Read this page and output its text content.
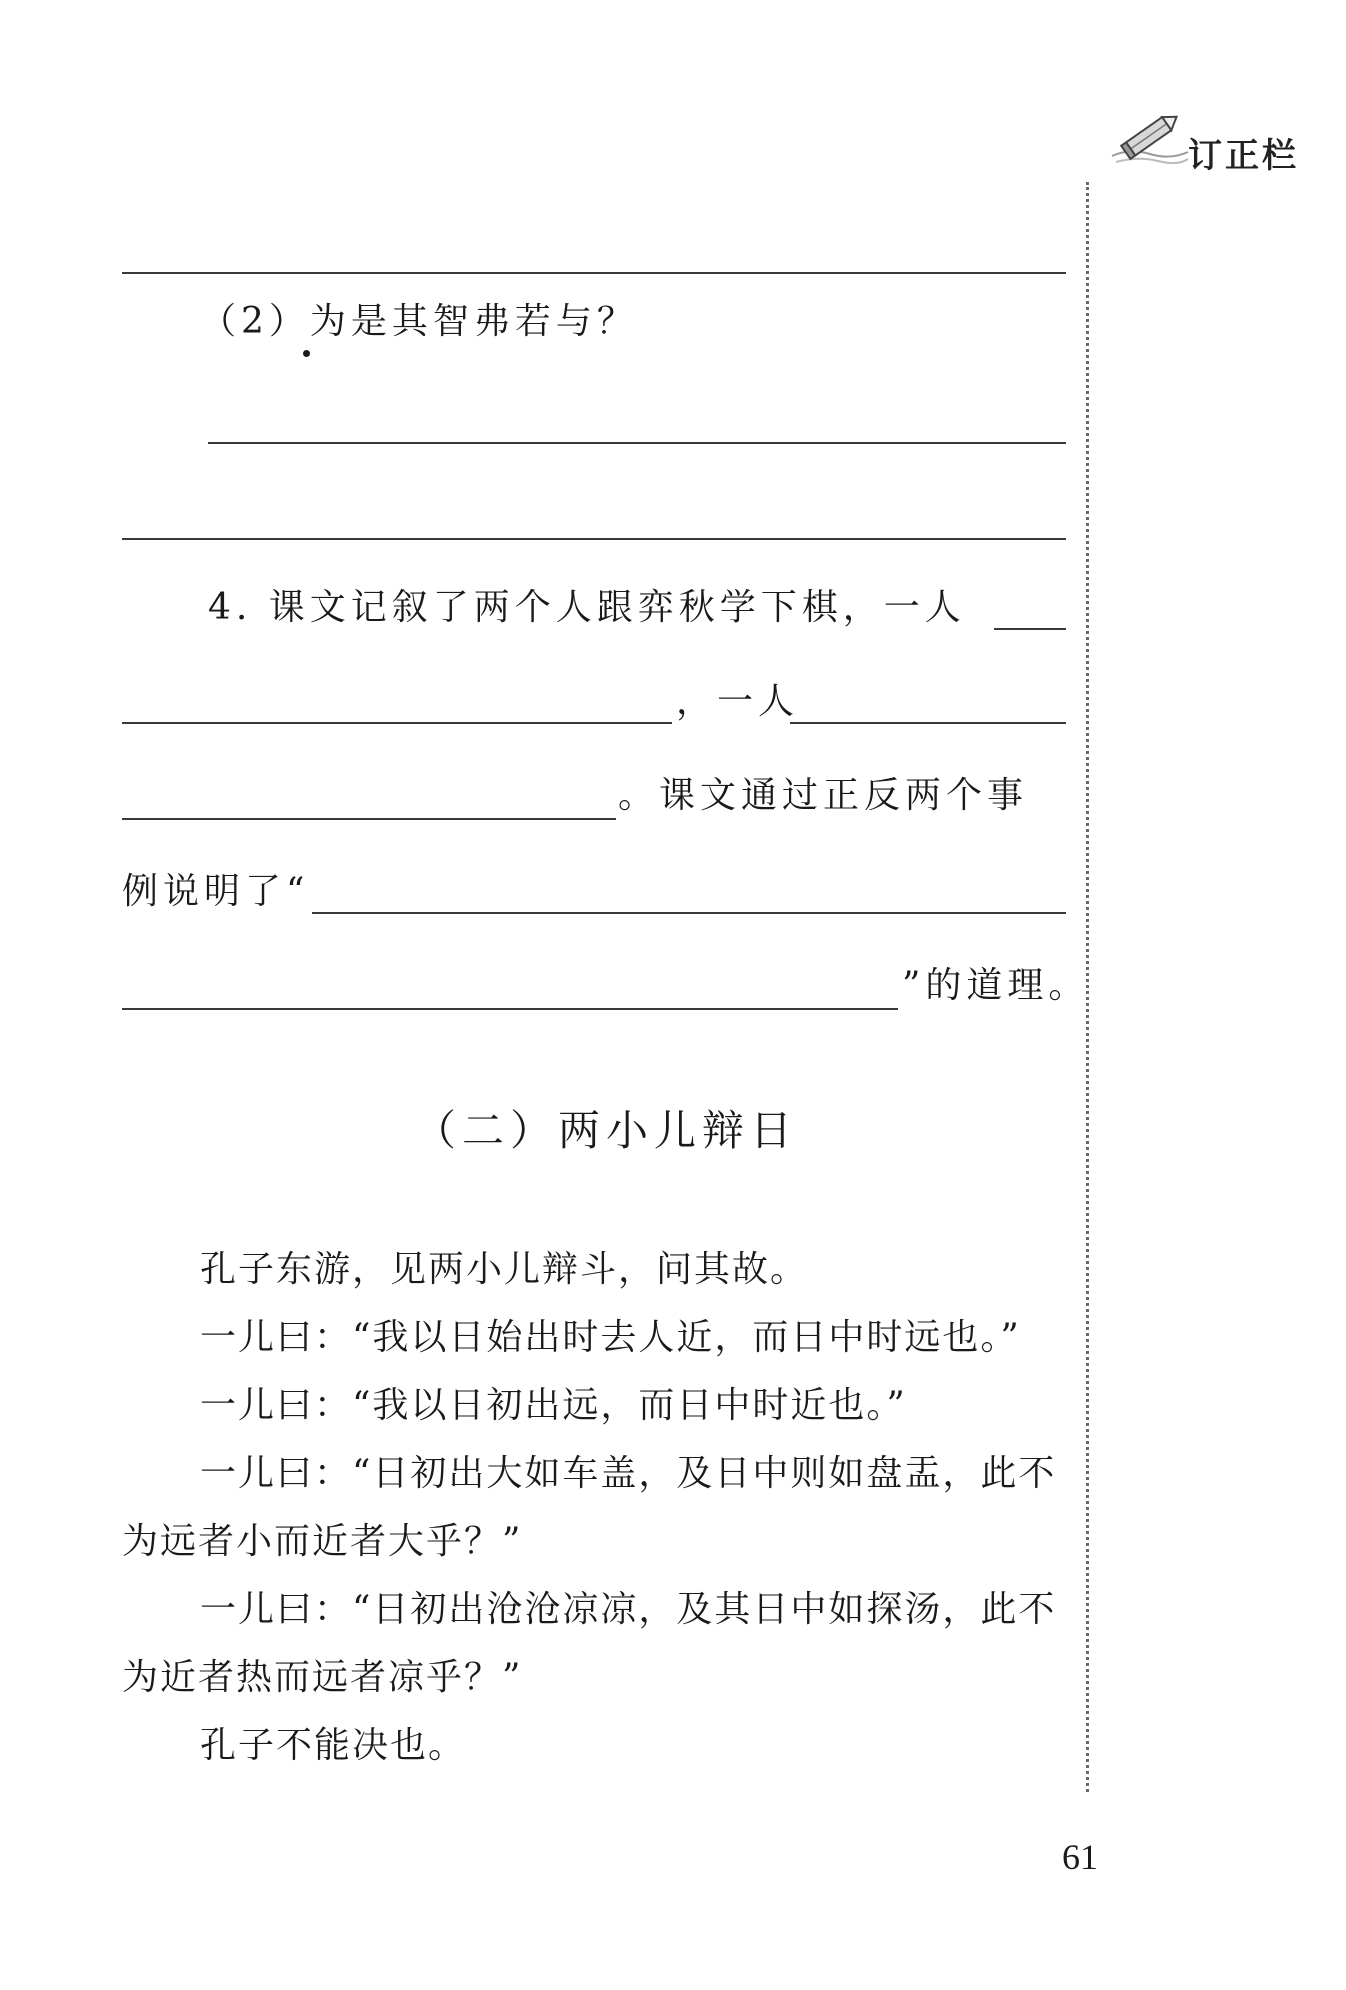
订正栏
（2）为是其智弗若与？
4. 课文记叙了两个人跟弈秋学下棋，一人
，一人
。课文通过正反两个事
例说明了“
”的道理。
（二）两小儿辩日
孔子东游，见两小儿辩斗，问其故。
一儿曰：“我以日始出时去人近，而日中时远也。”
一儿曰：“我以日初出远，而日中时近也。”
一儿曰：“日初出大如车盖，及日中则如盘盂，此不
为远者小而近者大乎？”
一儿曰：“日初出沧沧凉凉，及其日中如探汤，此不
为近者热而远者凉乎？”
孔子不能决也。
61
